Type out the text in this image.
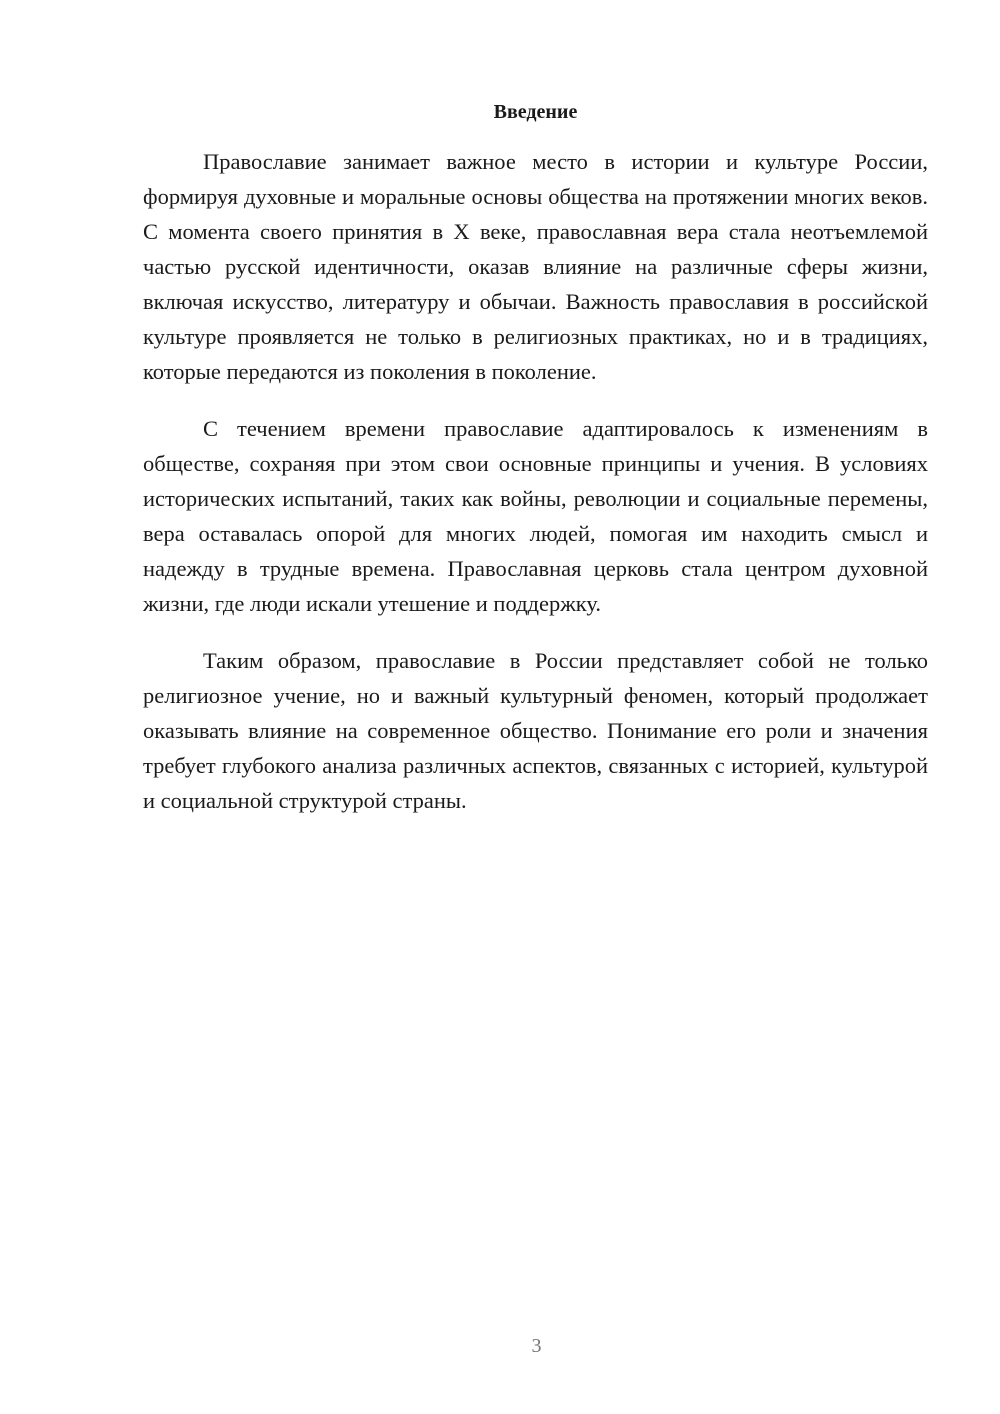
Введение

Православие занимает важное место в истории и культуре России, формируя духовные и моральные основы общества на протяжении многих веков. С момента своего принятия в X веке, православная вера стала неотъемлемой частью русской идентичности, оказав влияние на различные сферы жизни, включая искусство, литературу и обычаи. Важность православия в российской культуре проявляется не только в религиозных практиках, но и в традициях, которые передаются из поколения в поколение.

С течением времени православие адаптировалось к изменениям в обществе, сохраняя при этом свои основные принципы и учения. В условиях исторических испытаний, таких как войны, революции и социальные перемены, вера оставалась опорой для многих людей, помогая им находить смысл и надежду в трудные времена. Православная церковь стала центром духовной жизни, где люди искали утешение и поддержку.

Таким образом, православие в России представляет собой не только религиозное учение, но и важный культурный феномен, который продолжает оказывать влияние на современное общество. Понимание его роли и значения требует глубокого анализа различных аспектов, связанных с историей, культурой и социальной структурой страны.

3
